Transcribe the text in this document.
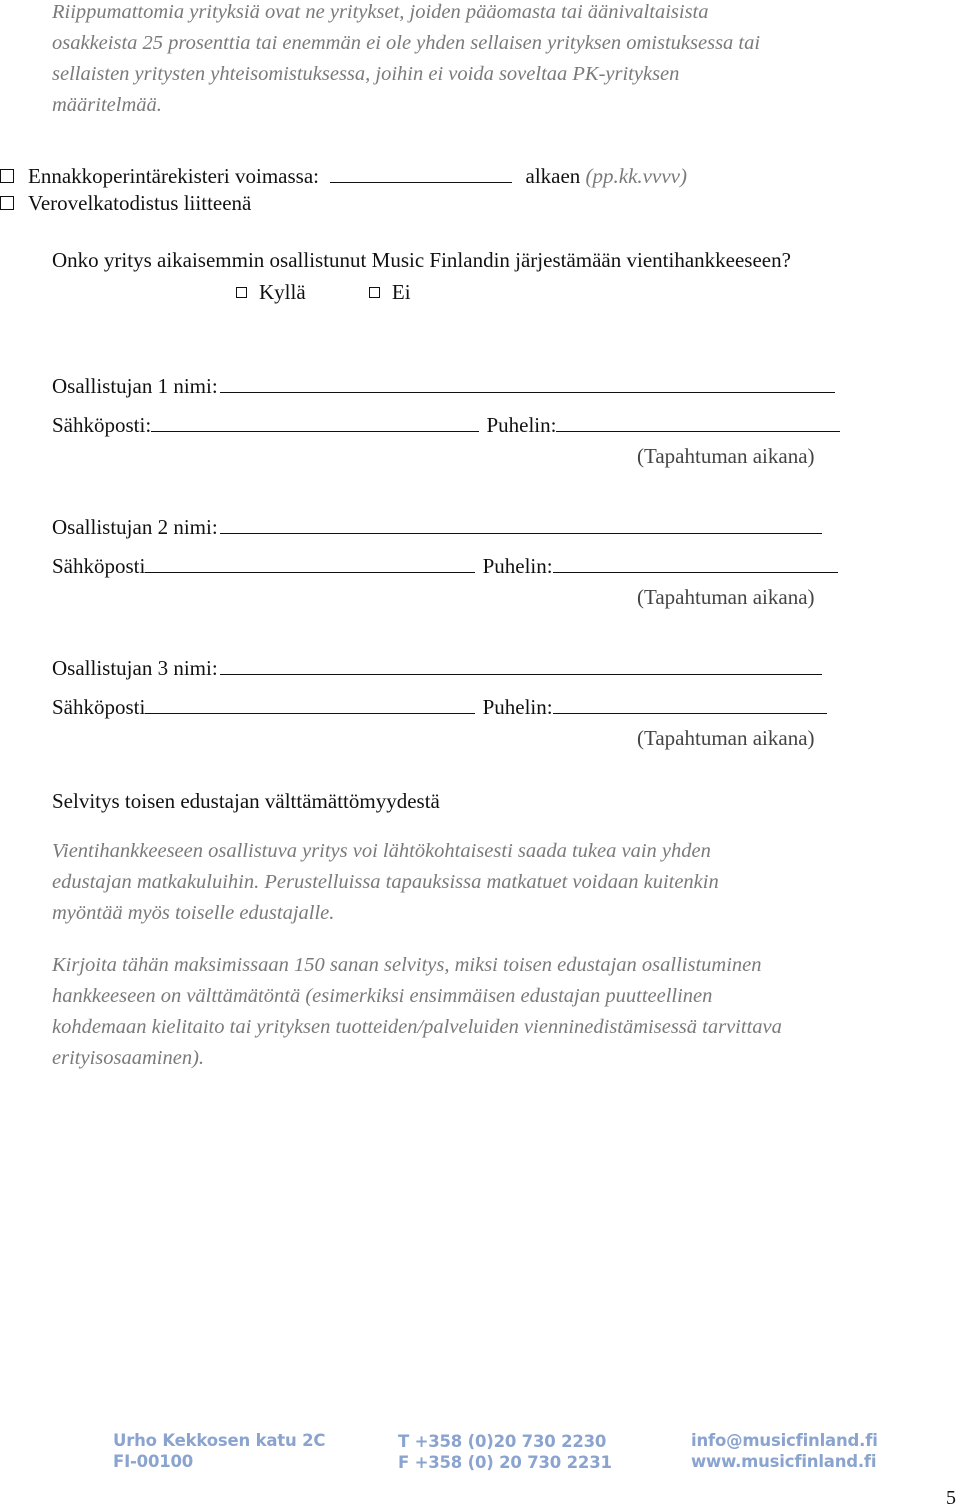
Riippumattomia yrityksiä ovat ne yritykset, joiden pääomasta tai äänivaltaisista
osakkeista 25 prosenttia tai enemmän ei ole yhden sellaisen yrityksen omistuksessa tai
sellaisten yritysten yhteisomistuksessa, joihin ei voida soveltaa PK-yrityksen
määritelmää.
Ennakkoperintärekisteri voimassa:	alkaen (pp.kk.vvvv)
Verovelkatodistus liitteenä
Onko yritys aikaisemmin osallistunut Music Finlandin järjestämään vientihankkeeseen?
Kyllä	Ei
Osallistujan 1 nimi:
Sähköposti:	Puhelin:
(Tapahtuman aikana)
Osallistujan 2 nimi:
Sähköposti	Puhelin:
(Tapahtuman aikana)
Osallistujan 3 nimi:
Sähköposti	Puhelin:
(Tapahtuman aikana)
Selvitys toisen edustajan välttämättömyydestä
Vientihankkeeseen osallistuva yritys voi lähtökohtaisesti saada tukea vain yhden
edustajan matkakuluihin. Perustelluissa tapauksissa matkatuet voidaan kuitenkin
myöntää myös toiselle edustajalle.
Kirjoita tähän maksimissaan 150 sanan selvitys, miksi toisen edustajan osallistuminen
hankkeeseen on välttämätöntä (esimerkiksi ensimmäisen edustajan puutteellinen
kohdemaan kielitaito tai yrityksen tuotteiden/palveluiden vienninedistämisessä tarvittava
erityisosaaminen).
Urho Kekkosen katu 2C
FI-00100
T +358 (0)20 730 2230
F +358 (0) 20 730 2231
info@musicfinland.fi
www.musicfinland.fi
5
